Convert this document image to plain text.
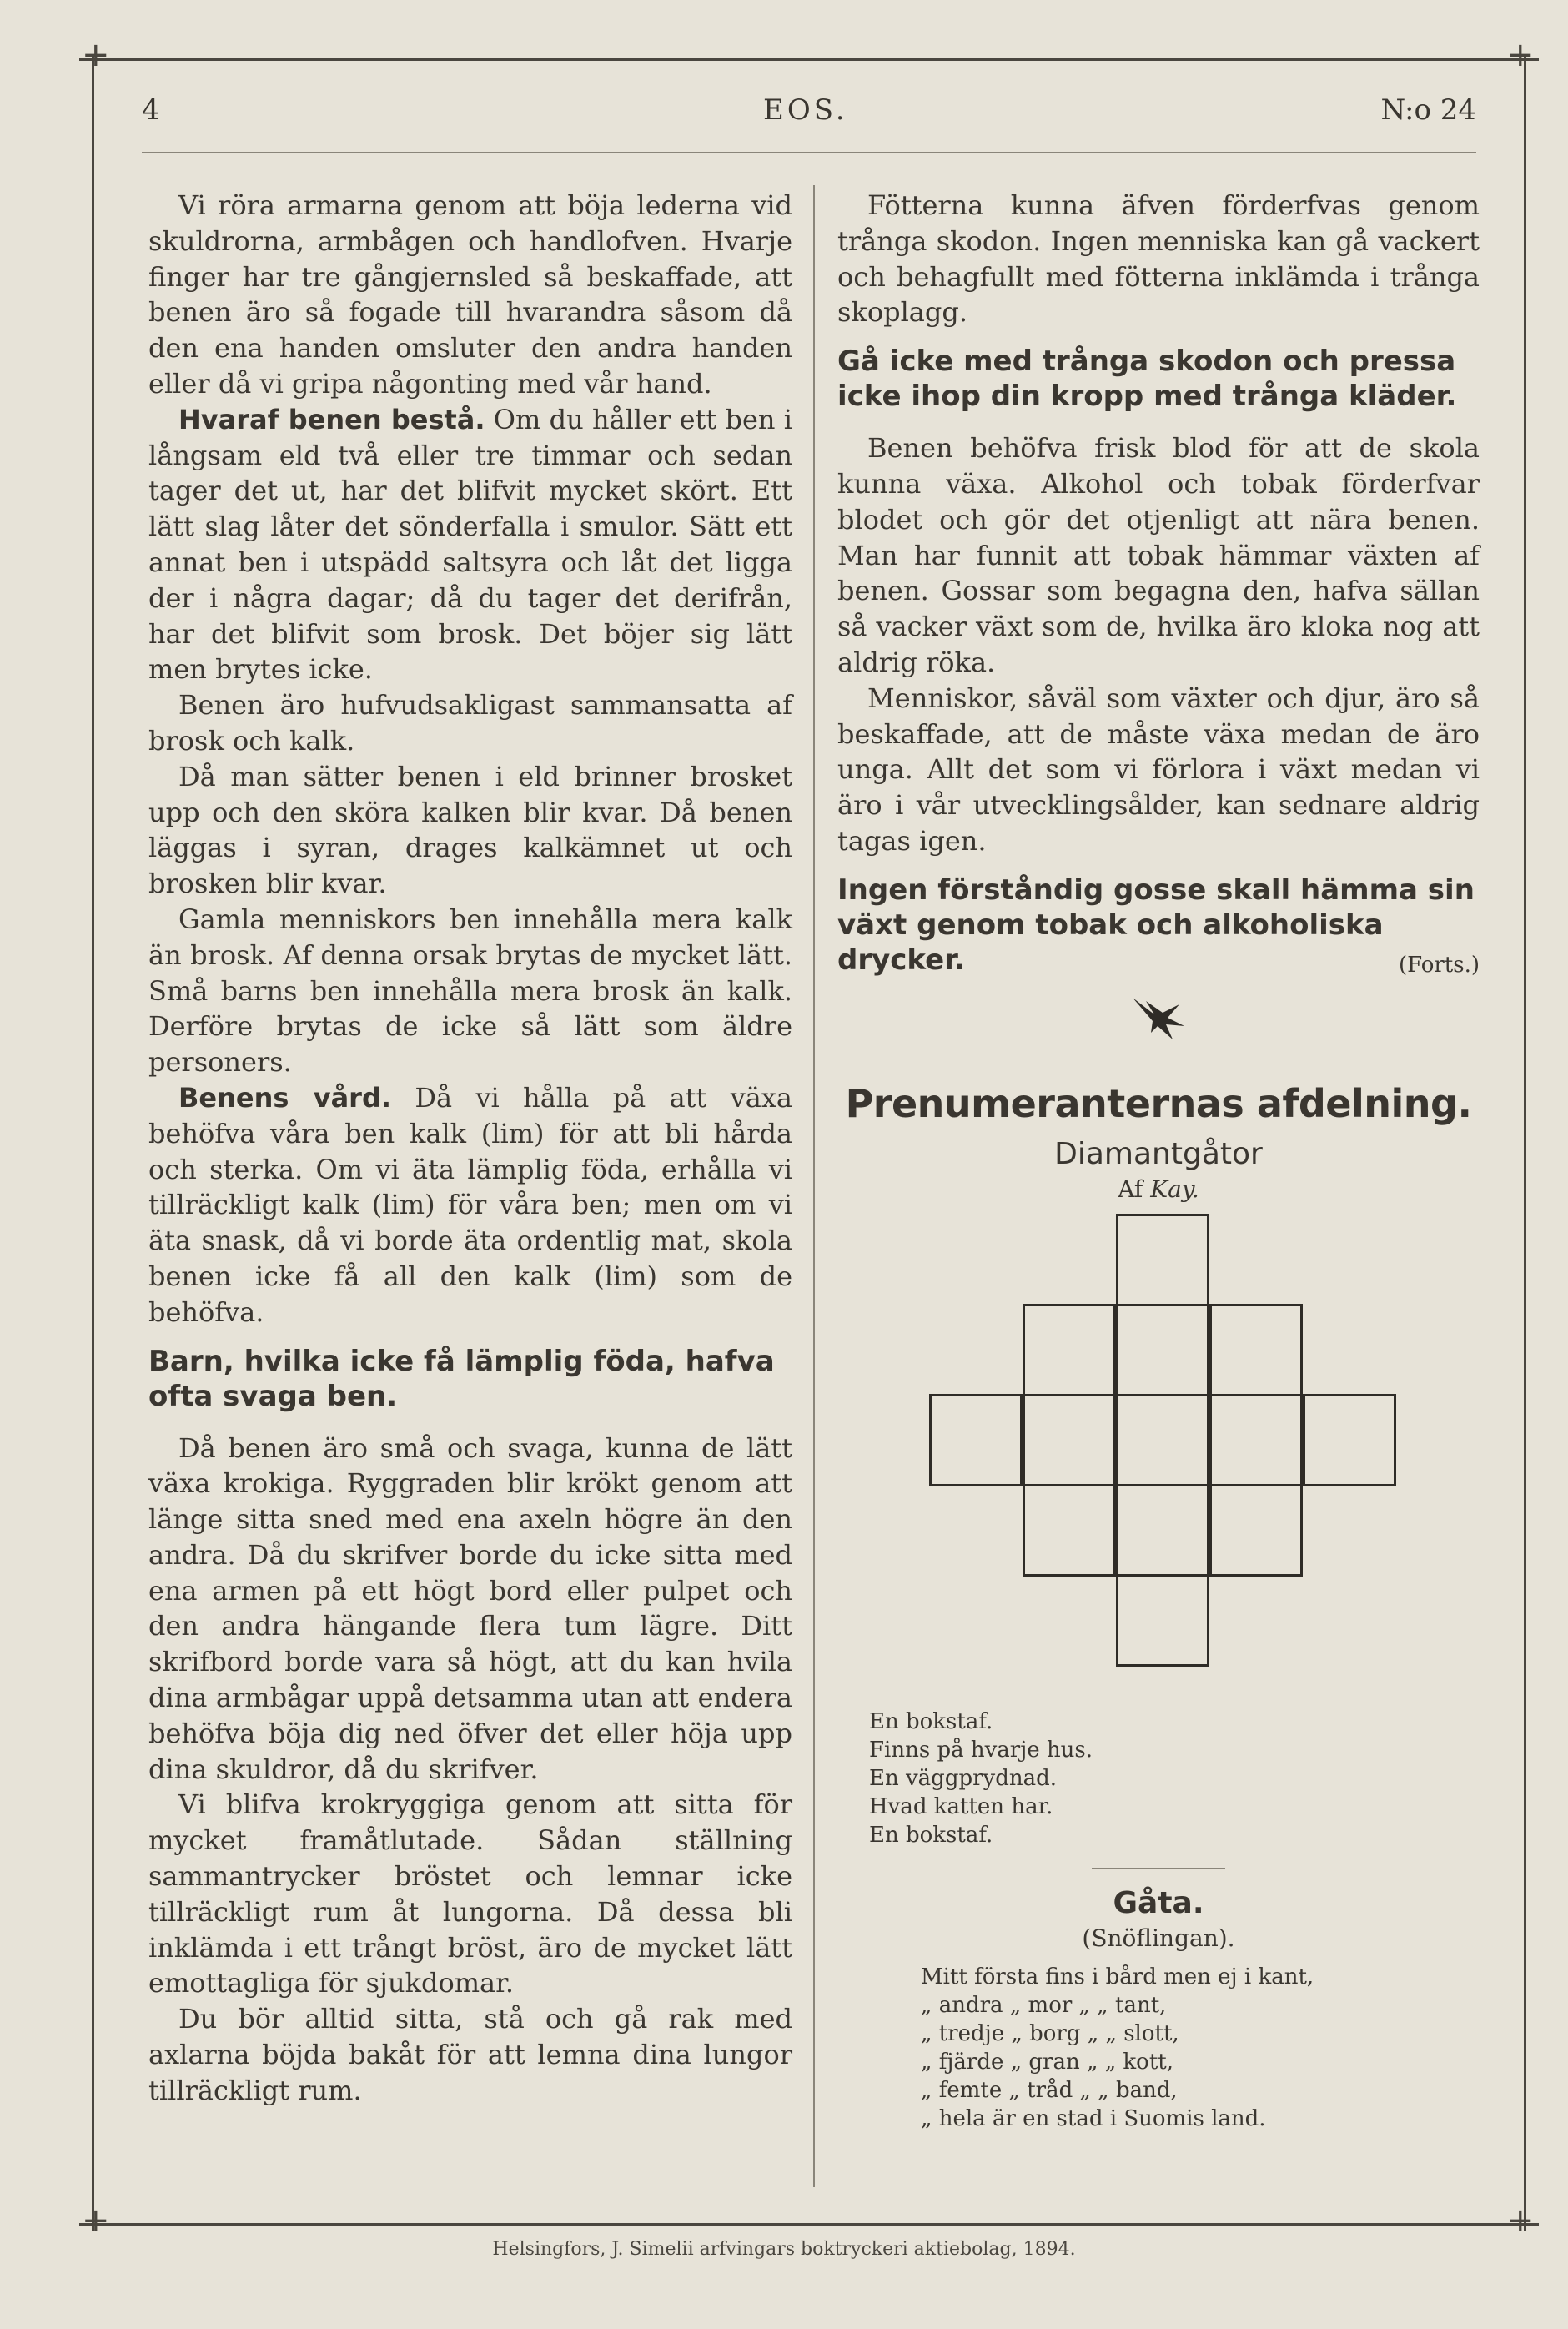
+	+
+	+
4	EOS.	N:o 24

Vi röra armarna genom att böja lederna vid skuldrorna, armbågen och handlofven. Hvarje finger har tre gångjernsled så beskaffade, att benen äro så fogade till hvarandra såsom då den ena handen omsluter den andra handen eller då vi gripa någonting med vår hand.

Hvaraf benen bestå. Om du håller ett ben i långsam eld två eller tre timmar och sedan tager det ut, har det blifvit mycket skört. Ett lätt slag låter det sönderfalla i smulor. Sätt ett annat ben i utspädd saltsyra och låt det ligga der i några dagar; då du tager det derifrån, har det blifvit som brosk. Det böjer sig lätt men brytes icke.

Benen äro hufvudsakligast sammansatta af brosk och kalk.

Då man sätter benen i eld brinner brosket upp och den sköra kalken blir kvar. Då benen läggas i syran, drages kalkämnet ut och brosken blir kvar.

Gamla menniskors ben innehålla mera kalk än brosk. Af denna orsak brytas de mycket lätt. Små barns ben innehålla mera brosk än kalk. Derföre brytas de icke så lätt som äldre personers.

Benens vård. Då vi hålla på att växa behöfva våra ben kalk (lim) för att bli hårda och sterka. Om vi äta lämplig föda, erhålla vi tillräckligt kalk (lim) för våra ben; men om vi äta snask, då vi borde äta ordentlig mat, skola benen icke få all den kalk (lim) som de behöfva.

Barn, hvilka icke få lämplig föda, hafva ofta svaga ben.

Då benen äro små och svaga, kunna de lätt växa krokiga. Ryggraden blir krökt genom att länge sitta sned med ena axeln högre än den andra. Då du skrifver borde du icke sitta med ena armen på ett högt bord eller pulpet och den andra hängande flera tum lägre. Ditt skrifbord borde vara så högt, att du kan hvila dina armbågar uppå detsamma utan att endera behöfva böja dig ned öfver det eller höja upp dina skuldror, då du skrifver.

Vi blifva krokryggiga genom att sitta för mycket framåtlutade. Sådan ställning sammantrycker bröstet och lemnar icke tillräckligt rum åt lungorna. Då dessa bli inklämda i ett trångt bröst, äro de mycket lätt emottagliga för sjukdomar.

Du bör alltid sitta, stå och gå rak med axlarna böjda bakåt för att lemna dina lungor tillräckligt rum.

Fötterna kunna äfven förderfvas genom trånga skodon. Ingen menniska kan gå vackert och behagfullt med fötterna inklämda i trånga skoplagg.

Gå icke med trånga skodon och pressa icke ihop din kropp med trånga kläder.

Benen behöfva frisk blod för att de skola kunna växa. Alkohol och tobak förderfvar blodet och gör det otjenligt att nära benen. Man har funnit att tobak hämmar växten af benen. Gossar som begagna den, hafva sällan så vacker växt som de, hvilka äro kloka nog att aldrig röka.

Menniskor, såväl som växter och djur, äro så beskaffade, att de måste växa medan de äro unga. Allt det som vi förlora i växt medan vi äro i vår utvecklingsålder, kan sednare aldrig tagas igen.

Ingen förståndig gosse skall hämma sin växt genom tobak och alkoholiska drycker.	(Forts.)
Prenumeranternas afdelning.
Diamantgåtor
Af Kay.
En bokstaf.
Finns på hvarje hus.
En väggprydnad.
Hvad katten har.
En bokstaf.
Gåta.
(Snöflingan).
Mitt första fins i bård men ej i kant,
„ andra „ mor „ „ tant,
„ tredje „ borg „ „ slott,
„ fjärde „ gran „ „ kott,
„ femte „ tråd „ „ band,
„ hela är en stad i Suomis land.
Helsingfors, J. Simelii arfvingars boktryckeri aktiebolag, 1894.
